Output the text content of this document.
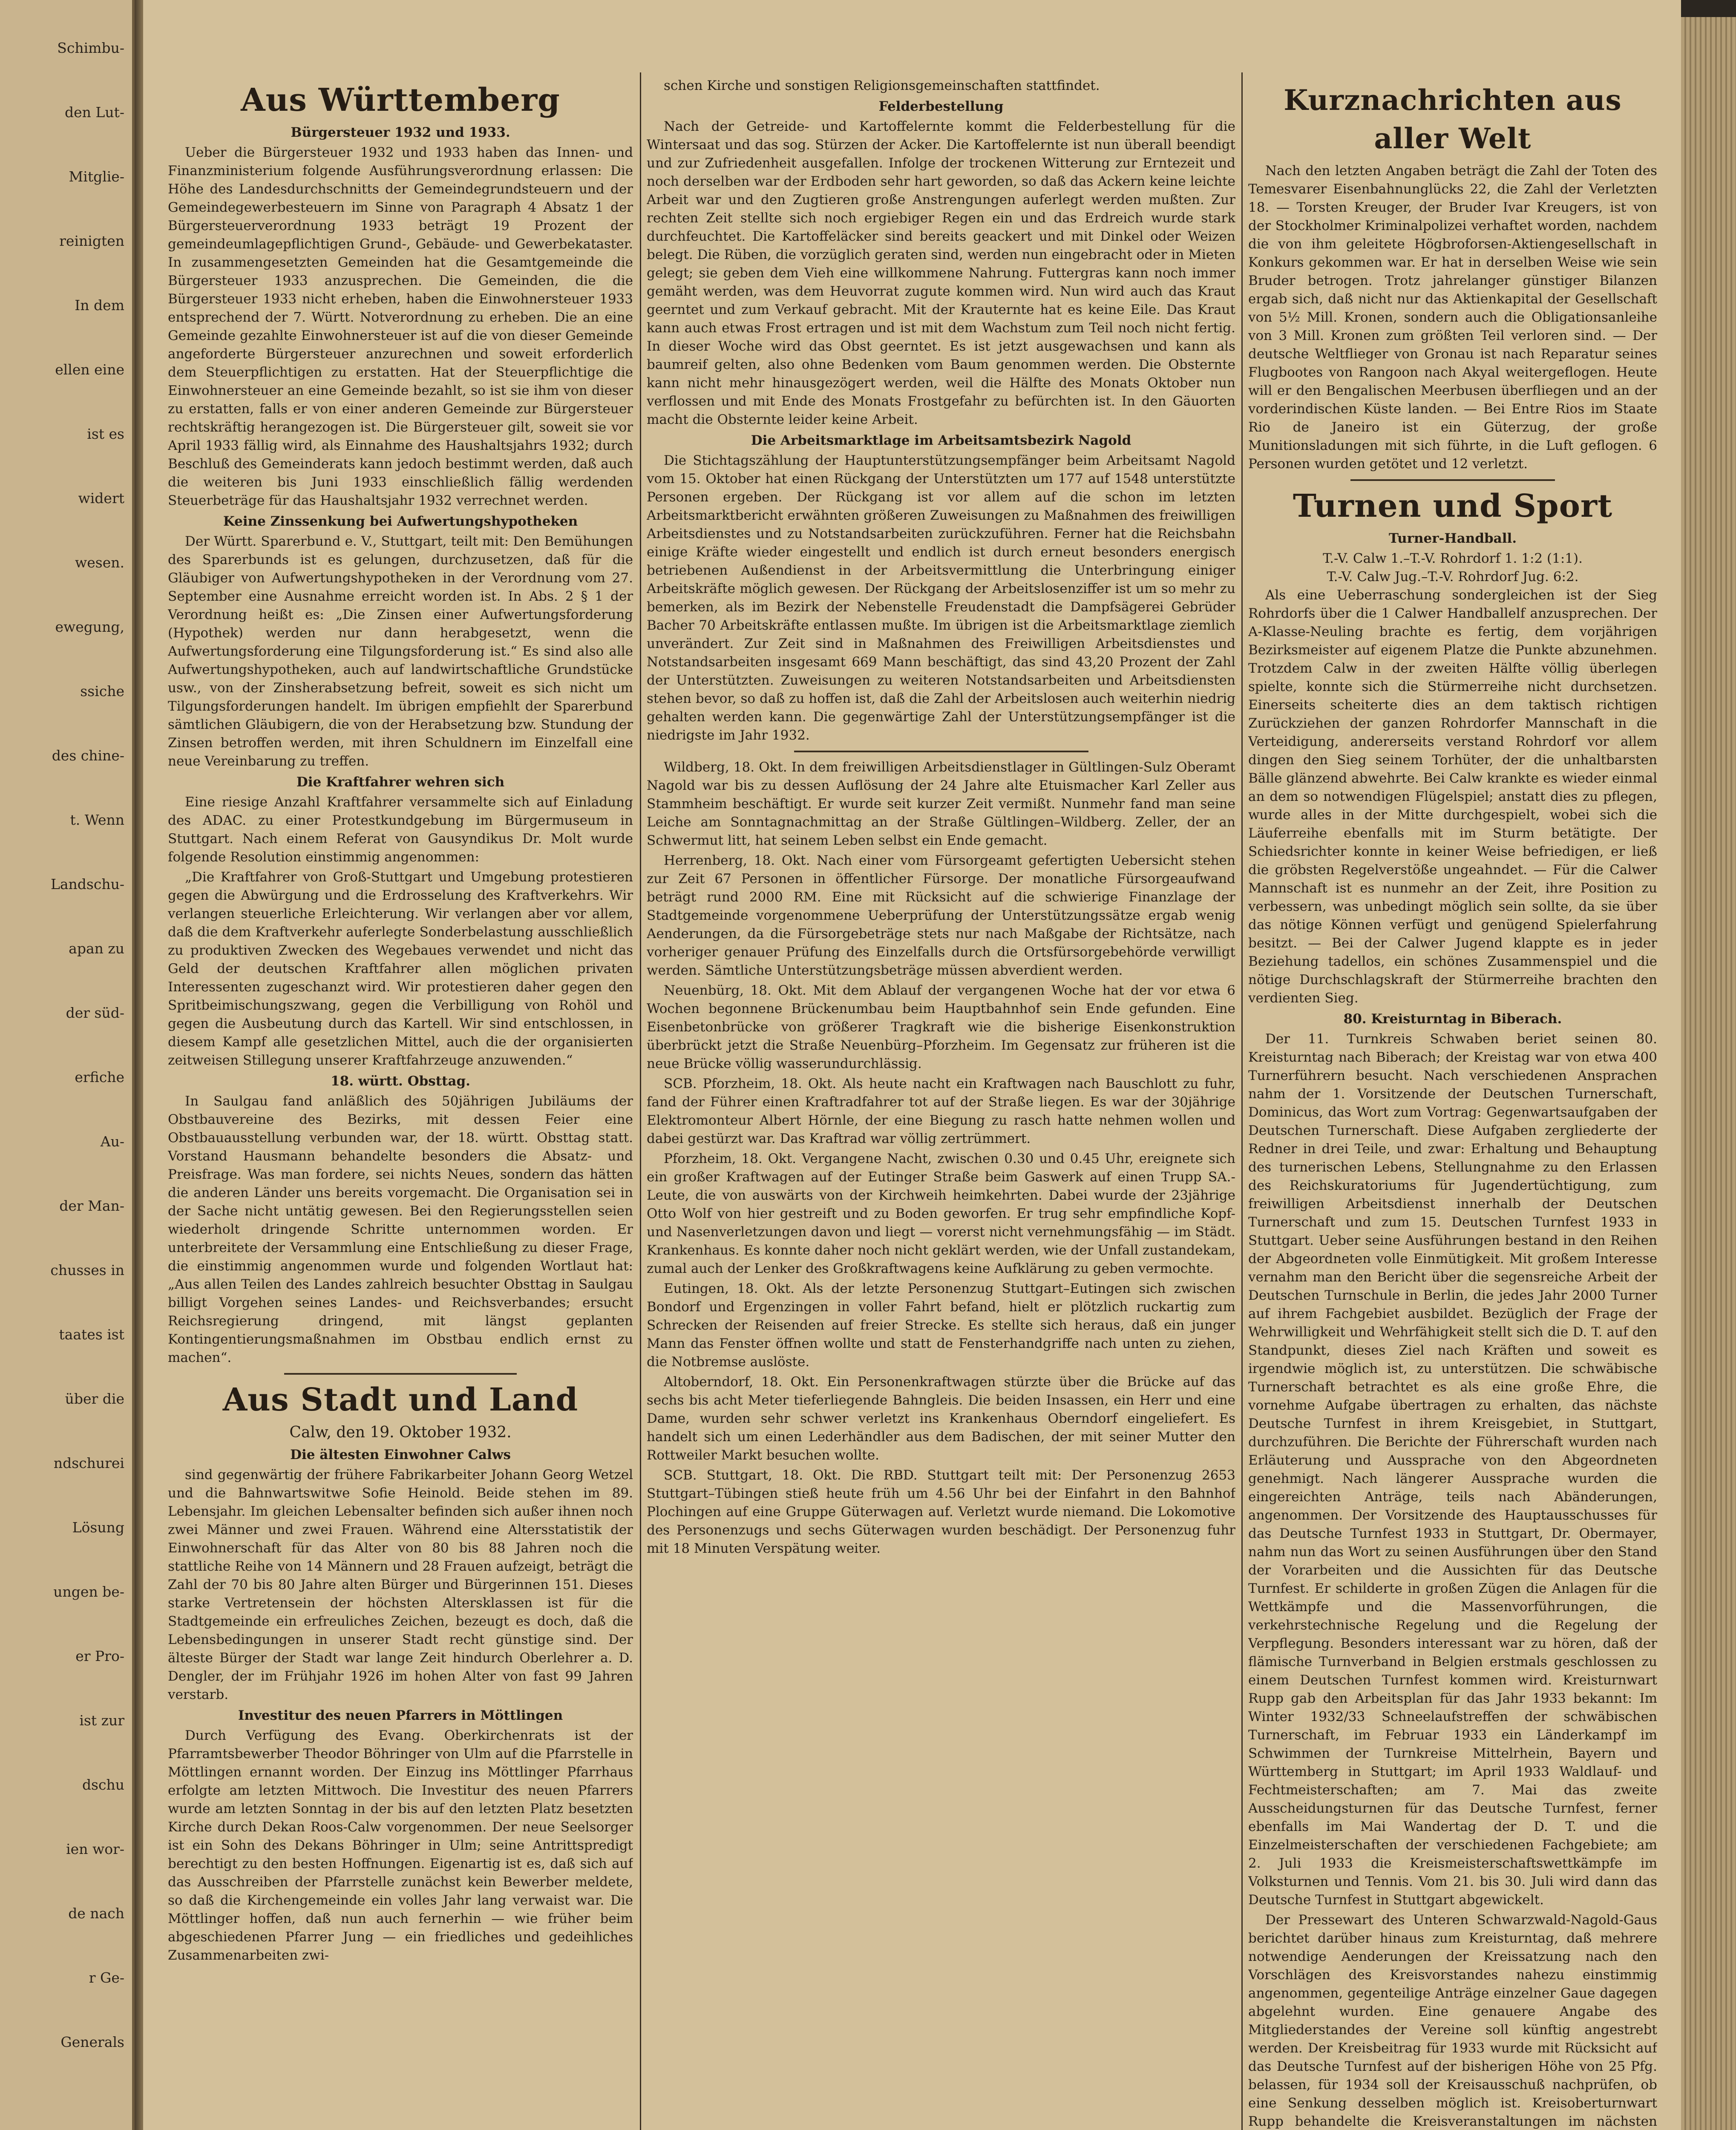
Schimbu-
den Lut-
Mitglie-
reinigten
In dem
ellen eine
ist es
widert
wesen.
ewegung,
ssiche
des chine-
t. Wenn
Landschu-
apan zu
der süd-
erfiche
Au-
der Man-
chusses in
taates ist
über die
ndschurei
Lösung
ungen be-
er Pro-
ist zur
dschu
ien wor-
de nach
r Ge-
Generals
Aus Württemberg
Bürgersteuer 1932 und 1933.

Ueber die Bürgersteuer 1932 und 1933 haben das Innen- und Finanzministerium folgende Ausführungsverordnung erlassen: Die Höhe des Landesdurchschnitts der Gemeindegrundsteuern und der Gemeindegewerbesteuern im Sinne von Paragraph 4 Absatz 1 der Bürgersteuerverordnung 1933 beträgt 19 Prozent der gemeindeumlagepflichtigen Grund-, Gebäude- und Gewerbekataster. In zusammengesetzten Gemeinden hat die Gesamtgemeinde die Bürgersteuer 1933 anzusprechen. Die Gemeinden, die die Bürgersteuer 1933 nicht erheben, haben die Einwohnersteuer 1933 entsprechend der 7. Württ. Notverordnung zu erheben. Die an eine Gemeinde gezahlte Einwohnersteuer ist auf die von dieser Gemeinde angeforderte Bürgersteuer anzurechnen und soweit erforderlich dem Steuerpflichtigen zu erstatten. Hat der Steuerpflichtige die Einwohnersteuer an eine Gemeinde bezahlt, so ist sie ihm von dieser zu erstatten, falls er von einer anderen Gemeinde zur Bürgersteuer rechtskräftig herangezogen ist. Die Bürgersteuer gilt, soweit sie vor April 1933 fällig wird, als Einnahme des Haushaltsjahrs 1932; durch Beschluß des Gemeinderats kann jedoch bestimmt werden, daß auch die weiteren bis Juni 1933 einschließlich fällig werdenden Steuerbeträge für das Haushaltsjahr 1932 verrechnet werden.

Keine Zinssenkung bei Aufwertungshypotheken

Der Württ. Sparerbund e. V., Stuttgart, teilt mit: Den Bemühungen des Sparerbunds ist es gelungen, durchzusetzen, daß für die Gläubiger von Aufwertungshypotheken in der Verordnung vom 27. September eine Ausnahme erreicht worden ist. In Abs. 2 § 1 der Verordnung heißt es: „Die Zinsen einer Aufwertungsforderung (Hypothek) werden nur dann herabgesetzt, wenn die Aufwertungsforderung eine Tilgungsforderung ist.“ Es sind also alle Aufwertungshypotheken, auch auf landwirtschaftliche Grundstücke usw., von der Zinsherabsetzung befreit, soweit es sich nicht um Tilgungsforderungen handelt. Im übrigen empfiehlt der Sparerbund sämtlichen Gläubigern, die von der Herabsetzung bzw. Stundung der Zinsen betroffen werden, mit ihren Schuldnern im Einzelfall eine neue Vereinbarung zu treffen.

Die Kraftfahrer wehren sich

Eine riesige Anzahl Kraftfahrer versammelte sich auf Einladung des ADAC. zu einer Protestkundgebung im Bürgermuseum in Stuttgart. Nach einem Referat von Gausyndikus Dr. Molt wurde folgende Resolution einstimmig angenommen:

„Die Kraftfahrer von Groß-Stuttgart und Umgebung protestieren gegen die Abwürgung und die Erdrosselung des Kraftverkehrs. Wir verlangen steuerliche Erleichterung. Wir verlangen aber vor allem, daß die dem Kraftverkehr auferlegte Sonderbelastung ausschließlich zu produktiven Zwecken des Wegebaues verwendet und nicht das Geld der deutschen Kraftfahrer allen möglichen privaten Interessenten zugeschanzt wird. Wir protestieren daher gegen den Spritbeimischungszwang, gegen die Verbilligung von Rohöl und gegen die Ausbeutung durch das Kartell. Wir sind entschlossen, in diesem Kampf alle gesetzlichen Mittel, auch die der organisierten zeitweisen Stillegung unserer Kraftfahrzeuge anzuwenden.“

18. württ. Obsttag.

In Saulgau fand anläßlich des 50jährigen Jubiläums der Obstbauvereine des Bezirks, mit dessen Feier eine Obstbauausstellung verbunden war, der 18. württ. Obsttag statt. Vorstand Hausmann behandelte besonders die Absatz- und Preisfrage. Was man fordere, sei nichts Neues, sondern das hätten die anderen Länder uns bereits vorgemacht. Die Organisation sei in der Sache nicht untätig gewesen. Bei den Regierungsstellen seien wiederholt dringende Schritte unternommen worden. Er unterbreitete der Versammlung eine Entschließung zu dieser Frage, die einstimmig angenommen wurde und folgenden Wortlaut hat: „Aus allen Teilen des Landes zahlreich besuchter Obsttag in Saulgau billigt Vorgehen seines Landes- und Reichsverbandes; ersucht Reichsregierung dringend, mit längst geplanten Kontingentierungsmaßnahmen im Obstbau endlich ernst zu machen“.

Aus Stadt und Land
Calw, den 19. Oktober 1932.
Die ältesten Einwohner Calws

sind gegenwärtig der frühere Fabrikarbeiter Johann Georg Wetzel und die Bahnwartswitwe Sofie Heinold. Beide stehen im 89. Lebensjahr. Im gleichen Lebensalter befinden sich außer ihnen noch zwei Männer und zwei Frauen. Während eine Altersstatistik der Einwohnerschaft für das Alter von 80 bis 88 Jahren noch die stattliche Reihe von 14 Männern und 28 Frauen aufzeigt, beträgt die Zahl der 70 bis 80 Jahre alten Bürger und Bürgerinnen 151. Dieses starke Vertretensein der höchsten Altersklassen ist für die Stadtgemeinde ein erfreuliches Zeichen, bezeugt es doch, daß die Lebensbedingungen in unserer Stadt recht günstige sind. Der älteste Bürger der Stadt war lange Zeit hindurch Oberlehrer a. D. Dengler, der im Frühjahr 1926 im hohen Alter von fast 99 Jahren verstarb.

Investitur des neuen Pfarrers in Möttlingen

Durch Verfügung des Evang. Oberkirchenrats ist der Pfarramtsbewerber Theodor Böhringer von Ulm auf die Pfarrstelle in Möttlingen ernannt worden. Der Einzug ins Möttlinger Pfarrhaus erfolgte am letzten Mittwoch. Die Investitur des neuen Pfarrers wurde am letzten Sonntag in der bis auf den letzten Platz besetzten Kirche durch Dekan Roos-Calw vorgenommen. Der neue Seelsorger ist ein Sohn des Dekans Böhringer in Ulm; seine Antrittspredigt berechtigt zu den besten Hoffnungen. Eigenartig ist es, daß sich auf das Ausschreiben der Pfarrstelle zunächst kein Bewerber meldete, so daß die Kirchengemeinde ein volles Jahr lang verwaist war. Die Möttlinger hoffen, daß nun auch fernerhin — wie früher beim abgeschiedenen Pfarrer Jung — ein friedliches und gedeihliches Zusammenarbeiten zwi-

schen Kirche und sonstigen Religionsgemeinschaften stattfindet.

Felderbestellung

Nach der Getreide- und Kartoffelernte kommt die Felderbestellung für die Wintersaat und das sog. Stürzen der Acker. Die Kartoffelernte ist nun überall beendigt und zur Zufriedenheit ausgefallen. Infolge der trockenen Witterung zur Erntezeit und noch derselben war der Erdboden sehr hart geworden, so daß das Ackern keine leichte Arbeit war und den Zugtieren große Anstrengungen auferlegt werden mußten. Zur rechten Zeit stellte sich noch ergiebiger Regen ein und das Erdreich wurde stark durchfeuchtet. Die Kartoffeläcker sind bereits geackert und mit Dinkel oder Weizen belegt. Die Rüben, die vorzüglich geraten sind, werden nun eingebracht oder in Mieten gelegt; sie geben dem Vieh eine willkommene Nahrung. Futtergras kann noch immer gemäht werden, was dem Heuvorrat zugute kommen wird. Nun wird auch das Kraut geerntet und zum Verkauf gebracht. Mit der Krauternte hat es keine Eile. Das Kraut kann auch etwas Frost ertragen und ist mit dem Wachstum zum Teil noch nicht fertig. In dieser Woche wird das Obst geerntet. Es ist jetzt ausgewachsen und kann als baumreif gelten, also ohne Bedenken vom Baum genommen werden. Die Obsternte kann nicht mehr hinausgezögert werden, weil die Hälfte des Monats Oktober nun verflossen und mit Ende des Monats Frostgefahr zu befürchten ist. In den Gäuorten macht die Obsternte leider keine Arbeit.

Die Arbeitsmarktlage im Arbeitsamtsbezirk Nagold

Die Stichtagszählung der Hauptunterstützungsempfänger beim Arbeitsamt Nagold vom 15. Oktober hat einen Rückgang der Unterstützten um 177 auf 1548 unterstützte Personen ergeben. Der Rückgang ist vor allem auf die schon im letzten Arbeitsmarktbericht erwähnten größeren Zuweisungen zu Maßnahmen des freiwilligen Arbeitsdienstes und zu Notstandsarbeiten zurückzuführen. Ferner hat die Reichsbahn einige Kräfte wieder eingestellt und endlich ist durch erneut besonders energisch betriebenen Außendienst in der Arbeitsvermittlung die Unterbringung einiger Arbeitskräfte möglich gewesen. Der Rückgang der Arbeitslosenziffer ist um so mehr zu bemerken, als im Bezirk der Nebenstelle Freudenstadt die Dampfsägerei Gebrüder Bacher 70 Arbeitskräfte entlassen mußte. Im übrigen ist die Arbeitsmarktlage ziemlich unverändert. Zur Zeit sind in Maßnahmen des Freiwilligen Arbeitsdienstes und Notstandsarbeiten insgesamt 669 Mann beschäftigt, das sind 43,20 Prozent der Zahl der Unterstützten. Zuweisungen zu weiteren Notstandsarbeiten und Arbeitsdiensten stehen bevor, so daß zu hoffen ist, daß die Zahl der Arbeitslosen auch weiterhin niedrig gehalten werden kann. Die gegenwärtige Zahl der Unterstützungsempfänger ist die niedrigste im Jahr 1932.

Wildberg, 18. Okt. In dem freiwilligen Arbeitsdienstlager in Gültlingen-Sulz Oberamt Nagold war bis zu dessen Auflösung der 24 Jahre alte Etuismacher Karl Zeller aus Stammheim beschäftigt. Er wurde seit kurzer Zeit vermißt. Nunmehr fand man seine Leiche am Sonntagnachmittag an der Straße Gültlingen–Wildberg. Zeller, der an Schwermut litt, hat seinem Leben selbst ein Ende gemacht.

Herrenberg, 18. Okt. Nach einer vom Fürsorgeamt gefertigten Uebersicht stehen zur Zeit 67 Personen in öffentlicher Fürsorge. Der monatliche Fürsorgeaufwand beträgt rund 2000 RM. Eine mit Rücksicht auf die schwierige Finanzlage der Stadtgemeinde vorgenommene Ueberprüfung der Unterstützungssätze ergab wenig Aenderungen, da die Fürsorgebeträge stets nur nach Maßgabe der Richtsätze, nach vorheriger genauer Prüfung des Einzelfalls durch die Ortsfürsorgebehörde verwilligt werden. Sämtliche Unterstützungsbeträge müssen abverdient werden.

Neuenbürg, 18. Okt. Mit dem Ablauf der vergangenen Woche hat der vor etwa 6 Wochen begonnene Brückenumbau beim Hauptbahnhof sein Ende gefunden. Eine Eisenbetonbrücke von größerer Tragkraft wie die bisherige Eisenkonstruktion überbrückt jetzt die Straße Neuenbürg–Pforzheim. Im Gegensatz zur früheren ist die neue Brücke völlig wasserundurchlässig.

SCB. Pforzheim, 18. Okt. Als heute nacht ein Kraftwagen nach Bauschlott zu fuhr, fand der Führer einen Kraftradfahrer tot auf der Straße liegen. Es war der 30jährige Elektromonteur Albert Hörnle, der eine Biegung zu rasch hatte nehmen wollen und dabei gestürzt war. Das Kraftrad war völlig zertrümmert.

Pforzheim, 18. Okt. Vergangene Nacht, zwischen 0.30 und 0.45 Uhr, ereignete sich ein großer Kraftwagen auf der Eutinger Straße beim Gaswerk auf einen Trupp SA.-Leute, die von auswärts von der Kirchweih heimkehrten. Dabei wurde der 23jährige Otto Wolf von hier gestreift und zu Boden geworfen. Er trug sehr empfindliche Kopf- und Nasenverletzungen davon und liegt — vorerst nicht vernehmungsfähig — im Städt. Krankenhaus. Es konnte daher noch nicht geklärt werden, wie der Unfall zustandekam, zumal auch der Lenker des Großkraftwagens keine Aufklärung zu geben vermochte.

Eutingen, 18. Okt. Als der letzte Personenzug Stuttgart–Eutingen sich zwischen Bondorf und Ergenzingen in voller Fahrt befand, hielt er plötzlich ruckartig zum Schrecken der Reisenden auf freier Strecke. Es stellte sich heraus, daß ein junger Mann das Fenster öffnen wollte und statt de Fensterhandgriffe nach unten zu ziehen, die Notbremse auslöste.

Altoberndorf, 18. Okt. Ein Personenkraftwagen stürzte über die Brücke auf das sechs bis acht Meter tieferliegende Bahngleis. Die beiden Insassen, ein Herr und eine Dame, wurden sehr schwer verletzt ins Krankenhaus Oberndorf eingeliefert. Es handelt sich um einen Lederhändler aus dem Badischen, der mit seiner Mutter den Rottweiler Markt besuchen wollte.

SCB. Stuttgart, 18. Okt. Die RBD. Stuttgart teilt mit: Der Personenzug 2653 Stuttgart–Tübingen stieß heute früh um 4.56 Uhr bei der Einfahrt in den Bahnhof Plochingen auf eine Gruppe Güterwagen auf. Verletzt wurde niemand. Die Lokomotive des Personenzugs und sechs Güterwagen wurden beschädigt. Der Personenzug fuhr mit 18 Minuten Verspätung weiter.

Kurznachrichten aus aller Welt

Nach den letzten Angaben beträgt die Zahl der Toten des Temesvarer Eisenbahnunglücks 22, die Zahl der Verletzten 18. — Torsten Kreuger, der Bruder Ivar Kreugers, ist von der Stockholmer Kriminalpolizei verhaftet worden, nachdem die von ihm geleitete Högbroforsen-Aktiengesellschaft in Konkurs gekommen war. Er hat in derselben Weise wie sein Bruder betrogen. Trotz jahrelanger günstiger Bilanzen ergab sich, daß nicht nur das Aktienkapital der Gesellschaft von 5½ Mill. Kronen, sondern auch die Obligationsanleihe von 3 Mill. Kronen zum größten Teil verloren sind. — Der deutsche Weltflieger von Gronau ist nach Reparatur seines Flugbootes von Rangoon nach Akyal weitergeflogen. Heute will er den Bengalischen Meerbusen überfliegen und an der vorderindischen Küste landen. — Bei Entre Rios im Staate Rio de Janeiro ist ein Güterzug, der große Munitionsladungen mit sich führte, in die Luft geflogen. 6 Personen wurden getötet und 12 verletzt.

Turnen und Sport
Turner-Handball.
T.-V. Calw 1.–T.-V. Rohrdorf 1. 1:2 (1:1).
T.-V. Calw Jug.–T.-V. Rohrdorf Jug. 6:2.

Als eine Ueberraschung sondergleichen ist der Sieg Rohrdorfs über die 1 Calwer Handballelf anzusprechen. Der A-Klasse-Neuling brachte es fertig, dem vorjährigen Bezirksmeister auf eigenem Platze die Punkte abzunehmen. Trotzdem Calw in der zweiten Hälfte völlig überlegen spielte, konnte sich die Stürmerreihe nicht durchsetzen. Einerseits scheiterte dies an dem taktisch richtigen Zurückziehen der ganzen Rohrdorfer Mannschaft in die Verteidigung, andererseits verstand Rohrdorf vor allem dingen den Sieg seinem Torhüter, der die unhaltbarsten Bälle glänzend abwehrte. Bei Calw krankte es wieder einmal an dem so notwendigen Flügelspiel; anstatt dies zu pflegen, wurde alles in der Mitte durchgespielt, wobei sich die Läuferreihe ebenfalls mit im Sturm betätigte. Der Schiedsrichter konnte in keiner Weise befriedigen, er ließ die gröbsten Regelverstöße ungeahndet. — Für die Calwer Mannschaft ist es nunmehr an der Zeit, ihre Position zu verbessern, was unbedingt möglich sein sollte, da sie über das nötige Können verfügt und genügend Spielerfahrung besitzt. — Bei der Calwer Jugend klappte es in jeder Beziehung tadellos, ein schönes Zusammenspiel und die nötige Durchschlagskraft der Stürmerreihe brachten den verdienten Sieg.

80. Kreisturntag in Biberach.

Der 11. Turnkreis Schwaben beriet seinen 80. Kreisturntag nach Biberach; der Kreistag war von etwa 400 Turnerführern besucht. Nach verschiedenen Ansprachen nahm der 1. Vorsitzende der Deutschen Turnerschaft, Dominicus, das Wort zum Vortrag: Gegenwartsaufgaben der Deutschen Turnerschaft. Diese Aufgaben zergliederte der Redner in drei Teile, und zwar: Erhaltung und Behauptung des turnerischen Lebens, Stellungnahme zu den Erlassen des Reichskuratoriums für Jugendertüchtigung, zum freiwilligen Arbeitsdienst innerhalb der Deutschen Turnerschaft und zum 15. Deutschen Turnfest 1933 in Stuttgart. Ueber seine Ausführungen bestand in den Reihen der Abgeordneten volle Einmütigkeit. Mit großem Interesse vernahm man den Bericht über die segensreiche Arbeit der Deutschen Turnschule in Berlin, die jedes Jahr 2000 Turner auf ihrem Fachgebiet ausbildet. Bezüglich der Frage der Wehrwilligkeit und Wehrfähigkeit stellt sich die D. T. auf den Standpunkt, dieses Ziel nach Kräften und soweit es irgendwie möglich ist, zu unterstützen. Die schwäbische Turnerschaft betrachtet es als eine große Ehre, die vornehme Aufgabe übertragen zu erhalten, das nächste Deutsche Turnfest in ihrem Kreisgebiet, in Stuttgart, durchzuführen. Die Berichte der Führerschaft wurden nach Erläuterung und Aussprache von den Abgeordneten genehmigt. Nach längerer Aussprache wurden die eingereichten Anträge, teils nach Abänderungen, angenommen. Der Vorsitzende des Hauptausschusses für das Deutsche Turnfest 1933 in Stuttgart, Dr. Obermayer, nahm nun das Wort zu seinen Ausführungen über den Stand der Vorarbeiten und die Aussichten für das Deutsche Turnfest. Er schilderte in großen Zügen die Anlagen für die Wettkämpfe und die Massenvorführungen, die verkehrstechnische Regelung und die Regelung der Verpflegung. Besonders interessant war zu hören, daß der flämische Turnverband in Belgien erstmals geschlossen zu einem Deutschen Turnfest kommen wird. Kreisturnwart Rupp gab den Arbeitsplan für das Jahr 1933 bekannt: Im Winter 1932/33 Schneelaufstreffen der schwäbischen Turnerschaft, im Februar 1933 ein Länderkampf im Schwimmen der Turnkreise Mittelrhein, Bayern und Württemberg in Stuttgart; im April 1933 Waldlauf- und Fechtmeisterschaften; am 7. Mai das zweite Ausscheidungsturnen für das Deutsche Turnfest, ferner ebenfalls im Mai Wandertag der D. T. und die Einzelmeisterschaften der verschiedenen Fachgebiete; am 2. Juli 1933 die Kreismeisterschaftswettkämpfe im Volksturnen und Tennis. Vom 21. bis 30. Juli wird dann das Deutsche Turnfest in Stuttgart abgewickelt.

Der Pressewart des Unteren Schwarzwald-Nagold-Gaus berichtet darüber hinaus zum Kreisturntag, daß mehrere notwendige Aenderungen der Kreissatzung nach den Vorschlägen des Kreisvorstandes nahezu einstimmig angenommen, gegenteilige Anträge einzelner Gaue dagegen abgelehnt wurden. Eine genauere Angabe des Mitgliederstandes der Vereine soll künftig angestrebt werden. Der Kreisbeitrag für 1933 wurde mit Rücksicht auf das Deutsche Turnfest auf der bisherigen Höhe von 25 Pfg. belassen, für 1934 soll der Kreisausschuß nachprüfen, ob eine Senkung desselben möglich ist. Kreisoberturnwart Rupp behandelte die Kreisveranstaltungen im nächsten
